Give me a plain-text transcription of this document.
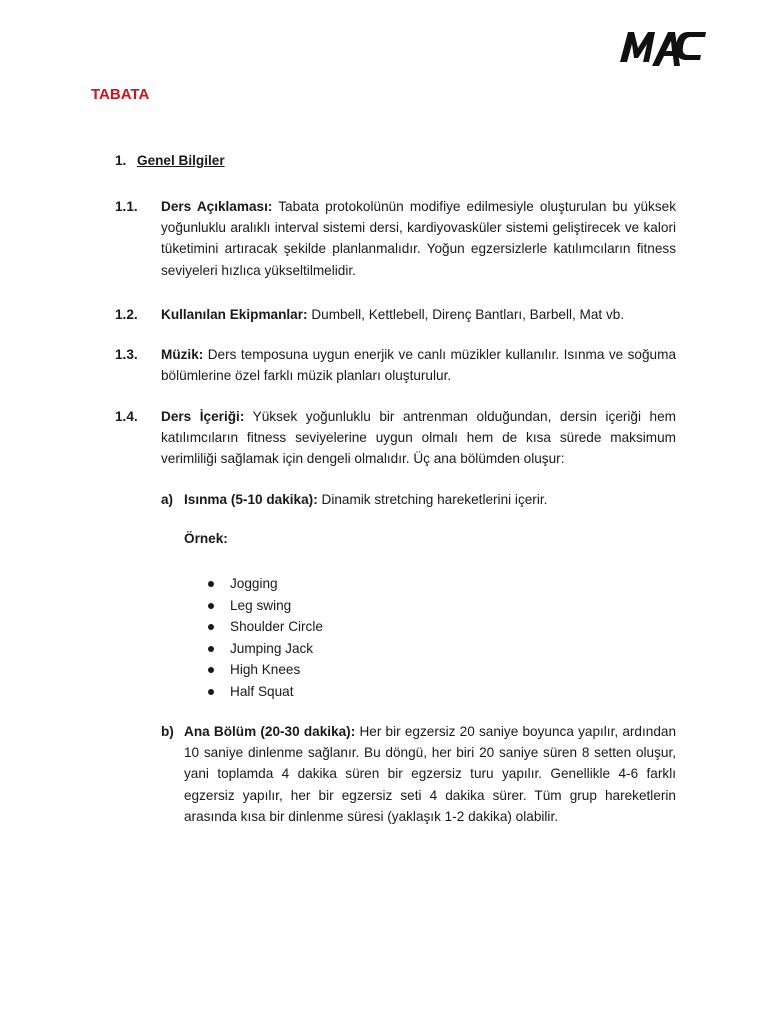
TABATA
1. Genel Bilgiler
1.1. Ders Açıklaması: Tabata protokolünün modifiye edilmesiyle oluşturulan bu yüksek yoğunluklu aralıklı interval sistemi dersi, kardiyovasküler sistemi geliştirecek ve kalori tüketimini artıracak şekilde planlanmalıdır. Yoğun egzersizlerle katılımcıların fitness seviyeleri hızlıca yükseltilmelidir.
1.2. Kullanılan Ekipmanlar: Dumbell, Kettlebell, Direnç Bantları, Barbell, Mat vb.
1.3. Müzik: Ders temposuna uygun enerjik ve canlı müzikler kullanılır. Isınma ve soğuma bölümlerine özel farklı müzik planları oluşturulur.
1.4. Ders İçeriği: Yüksek yoğunluklu bir antrenman olduğundan, dersin içeriği hem katılımcıların fitness seviyelerine uygun olmalı hem de kısa sürede maksimum verimliliği sağlamak için dengeli olmalıdır. Üç ana bölümden oluşur:
a) Isınma (5-10 dakika): Dinamik stretching hareketlerini içerir.
Örnek:
Jogging
Leg swing
Shoulder Circle
Jumping Jack
High Knees
Half Squat
b) Ana Bölüm (20-30 dakika): Her bir egzersiz 20 saniye boyunca yapılır, ardından 10 saniye dinlenme sağlanır. Bu döngü, her biri 20 saniye süren 8 setten oluşur, yani toplamda 4 dakika süren bir egzersiz turu yapılır. Genellikle 4-6 farklı egzersiz yapılır, her bir egzersiz seti 4 dakika sürer. Tüm grup hareketlerin arasında kısa bir dinlenme süresi (yaklaşık 1-2 dakika) olabilir.
